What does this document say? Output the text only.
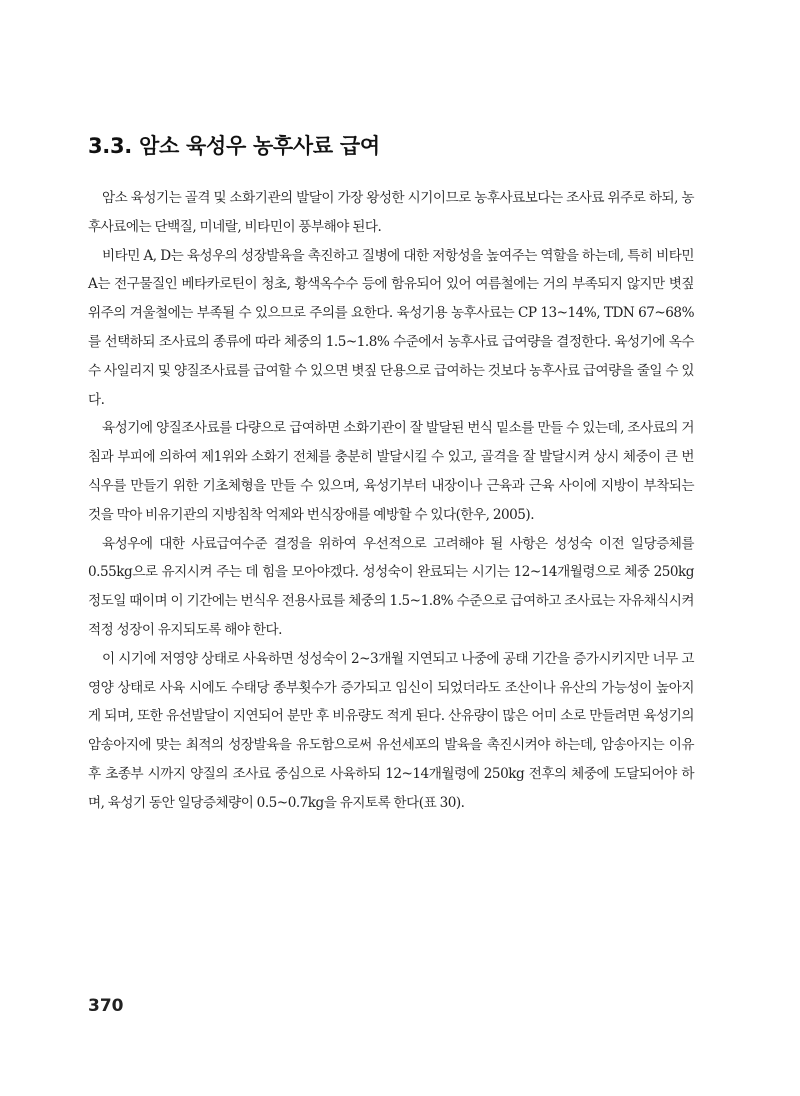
3.3. 암소 육성우 농후사료 급여

암소 육성기는 골격 및 소화기관의 발달이 가장 왕성한 시기이므로 농후사료보다는 조사료 위주로 하되, 농후사료에는 단백질, 미네랄, 비타민이 풍부해야 된다.

비타민 A, D는 육성우의 성장발육을 촉진하고 질병에 대한 저항성을 높여주는 역할을 하는데, 특히 비타민 A는 전구물질인 베타카로틴이 청초, 황색옥수수 등에 함유되어 있어 여름철에는 거의 부족되지 않지만 볏짚 위주의 겨울철에는 부족될 수 있으므로 주의를 요한다. 육성기용 농후사료는 CP 13~14%, TDN 67~68%를 선택하되 조사료의 종류에 따라 체중의 1.5~1.8% 수준에서 농후사료 급여량을 결정한다. 육성기에 옥수수 사일리지 및 양질조사료를 급여할 수 있으면 볏짚 단용으로 급여하는 것보다 농후사료 급여량을 줄일 수 있다.

육성기에 양질조사료를 다량으로 급여하면 소화기관이 잘 발달된 번식 밑소를 만들 수 있는데, 조사료의 거침과 부피에 의하여 제1위와 소화기 전체를 충분히 발달시킬 수 있고, 골격을 잘 발달시켜 상시 체중이 큰 번식우를 만들기 위한 기초체형을 만들 수 있으며, 육성기부터 내장이나 근육과 근육 사이에 지방이 부착되는 것을 막아 비유기관의 지방침착 억제와 번식장애를 예방할 수 있다(한우, 2005).

육성우에 대한 사료급여수준 결정을 위하여 우선적으로 고려해야 될 사항은 성성숙 이전 일당증체를 0.55kg으로 유지시켜 주는 데 힘을 모아야겠다. 성성숙이 완료되는 시기는 12~14개월령으로 체중 250kg 정도일 때이며 이 기간에는 번식우 전용사료를 체중의 1.5~1.8% 수준으로 급여하고 조사료는 자유채식시켜 적정 성장이 유지되도록 해야 한다.

이 시기에 저영양 상태로 사육하면 성성숙이 2~3개월 지연되고 나중에 공태 기간을 증가시키지만 너무 고영양 상태로 사육 시에도 수태당 종부횟수가 증가되고 임신이 되었더라도 조산이나 유산의 가능성이 높아지게 되며, 또한 유선발달이 지연되어 분만 후 비유량도 적게 된다. 산유량이 많은 어미 소로 만들려면 육성기의 암송아지에 맞는 최적의 성장발육을 유도함으로써 유선세포의 발육을 촉진시켜야 하는데, 암송아지는 이유 후 초종부 시까지 양질의 조사료 중심으로 사육하되 12~14개월령에 250kg 전후의 체중에 도달되어야 하며, 육성기 동안 일당증체량이 0.5~0.7kg을 유지토록 한다(표 30).

370
